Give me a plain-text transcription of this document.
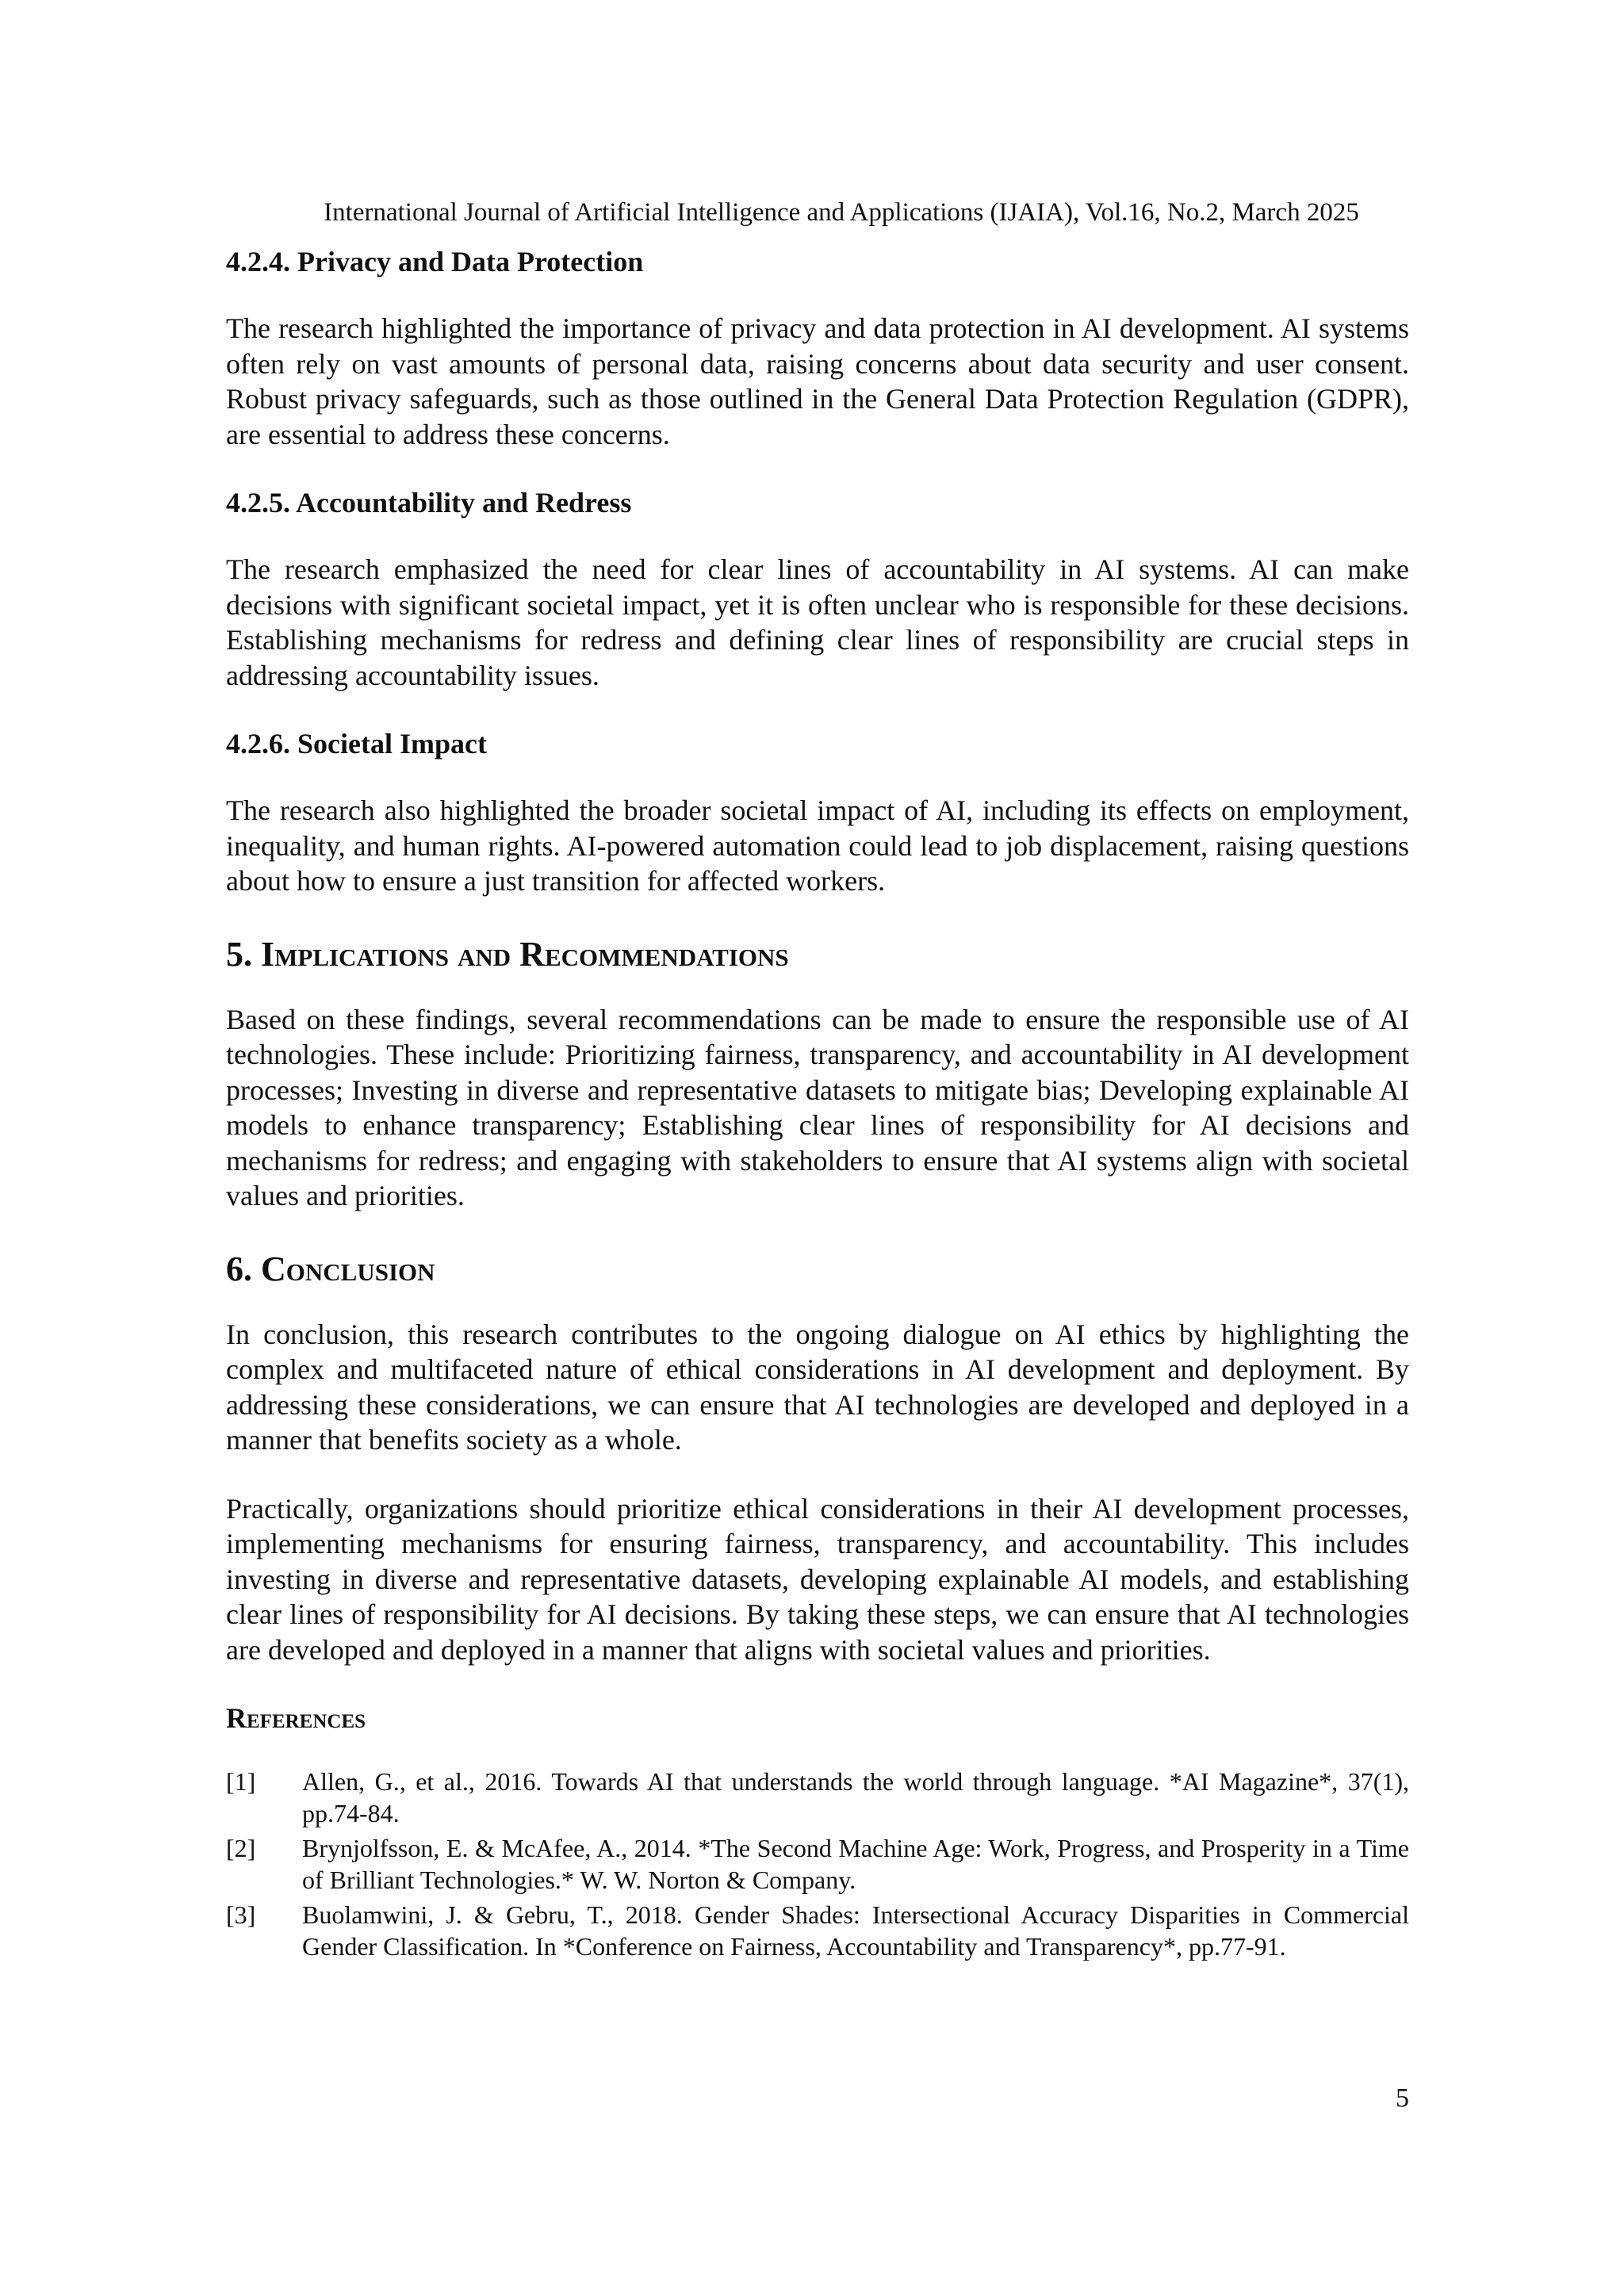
International Journal of Artificial Intelligence and Applications (IJAIA), Vol.16, No.2, March 2025
4.2.4. Privacy and Data Protection

The research highlighted the importance of privacy and data protection in AI development. AI systems often rely on vast amounts of personal data, raising concerns about data security and user consent. Robust privacy safeguards, such as those outlined in the General Data Protection Regulation (GDPR), are essential to address these concerns.

4.2.5. Accountability and Redress

The research emphasized the need for clear lines of accountability in AI systems. AI can make decisions with significant societal impact, yet it is often unclear who is responsible for these decisions. Establishing mechanisms for redress and defining clear lines of responsibility are crucial steps in addressing accountability issues.

4.2.6. Societal Impact

The research also highlighted the broader societal impact of AI, including its effects on employment, inequality, and human rights. AI-powered automation could lead to job displacement, raising questions about how to ensure a just transition for affected workers.

5. Implications and Recommendations

Based on these findings, several recommendations can be made to ensure the responsible use of AI technologies. These include: Prioritizing fairness, transparency, and accountability in AI development processes; Investing in diverse and representative datasets to mitigate bias; Developing explainable AI models to enhance transparency; Establishing clear lines of responsibility for AI decisions and mechanisms for redress; and engaging with stakeholders to ensure that AI systems align with societal values and priorities.

6. Conclusion

In conclusion, this research contributes to the ongoing dialogue on AI ethics by highlighting the complex and multifaceted nature of ethical considerations in AI development and deployment. By addressing these considerations, we can ensure that AI technologies are developed and deployed in a manner that benefits society as a whole.

Practically, organizations should prioritize ethical considerations in their AI development processes, implementing mechanisms for ensuring fairness, transparency, and accountability. This includes investing in diverse and representative datasets, developing explainable AI models, and establishing clear lines of responsibility for AI decisions. By taking these steps, we can ensure that AI technologies are developed and deployed in a manner that aligns with societal values and priorities.

References
[1]	Allen, G., et al., 2016. Towards AI that understands the world through language. *AI Magazine*, 37(1), pp.74-84.
[2]	Brynjolfsson, E. & McAfee, A., 2014. *The Second Machine Age: Work, Progress, and Prosperity in a Time of Brilliant Technologies.* W. W. Norton & Company.
[3]	Buolamwini, J. & Gebru, T., 2018. Gender Shades: Intersectional Accuracy Disparities in Commercial Gender Classification. In *Conference on Fairness, Accountability and Transparency*, pp.77-91.
5
